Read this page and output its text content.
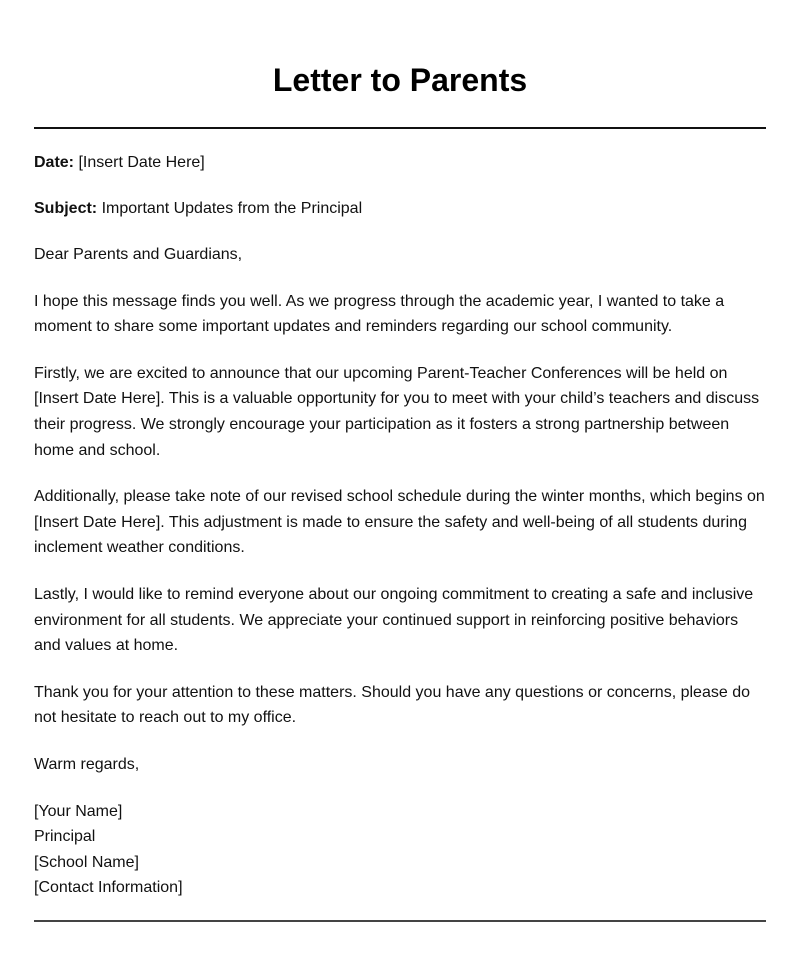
Letter to Parents

Date: [Insert Date Here]

Subject: Important Updates from the Principal

Dear Parents and Guardians,

I hope this message finds you well. As we progress through the academic year, I wanted to take a moment to share some important updates and reminders regarding our school community.

Firstly, we are excited to announce that our upcoming Parent-Teacher Conferences will be held on [Insert Date Here]. This is a valuable opportunity for you to meet with your child’s teachers and discuss their progress. We strongly encourage your participation as it fosters a strong partnership between home and school.

Additionally, please take note of our revised school schedule during the winter months, which begins on [Insert Date Here]. This adjustment is made to ensure the safety and well-being of all students during inclement weather conditions.

Lastly, I would like to remind everyone about our ongoing commitment to creating a safe and inclusive environment for all students. We appreciate your continued support in reinforcing positive behaviors and values at home.

Thank you for your attention to these matters. Should you have any questions or concerns, please do not hesitate to reach out to my office.

Warm regards,

[Your Name]
Principal
[School Name]
[Contact Information]
